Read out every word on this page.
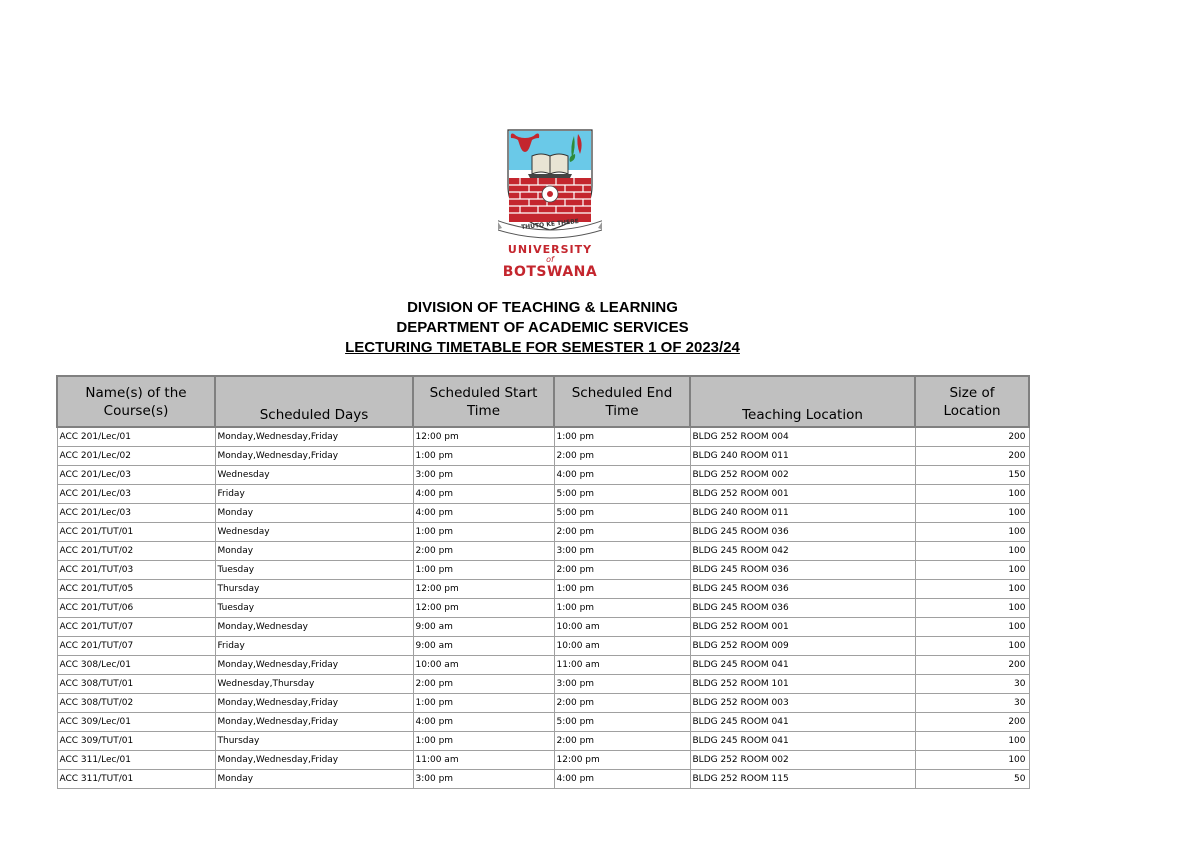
THUTO KE THEBE
UNIVERSITY
of
BOTSWANA
DIVISION OF TEACHING & LEARNING
DEPARTMENT OF ACADEMIC SERVICES
LECTURING TIMETABLE FOR SEMESTER 1 OF 2023/24
Name(s) of the Course(s)	Scheduled Days	Scheduled Start Time	Scheduled End Time	Teaching Location	Size of Location
ACC 201/Lec/01	Monday,Wednesday,Friday	12:00 pm	1:00 pm	BLDG 252 ROOM 004	200
ACC 201/Lec/02	Monday,Wednesday,Friday	1:00 pm	2:00 pm	BLDG 240 ROOM 011	200
ACC 201/Lec/03	Wednesday	3:00 pm	4:00 pm	BLDG 252 ROOM 002	150
ACC 201/Lec/03	Friday	4:00 pm	5:00 pm	BLDG 252 ROOM 001	100
ACC 201/Lec/03	Monday	4:00 pm	5:00 pm	BLDG 240 ROOM 011	100
ACC 201/TUT/01	Wednesday	1:00 pm	2:00 pm	BLDG 245 ROOM 036	100
ACC 201/TUT/02	Monday	2:00 pm	3:00 pm	BLDG 245 ROOM 042	100
ACC 201/TUT/03	Tuesday	1:00 pm	2:00 pm	BLDG 245 ROOM 036	100
ACC 201/TUT/05	Thursday	12:00 pm	1:00 pm	BLDG 245 ROOM 036	100
ACC 201/TUT/06	Tuesday	12:00 pm	1:00 pm	BLDG 245 ROOM 036	100
ACC 201/TUT/07	Monday,Wednesday	9:00 am	10:00 am	BLDG 252 ROOM 001	100
ACC 201/TUT/07	Friday	9:00 am	10:00 am	BLDG 252 ROOM 009	100
ACC 308/Lec/01	Monday,Wednesday,Friday	10:00 am	11:00 am	BLDG 245 ROOM 041	200
ACC 308/TUT/01	Wednesday,Thursday	2:00 pm	3:00 pm	BLDG 252 ROOM 101	30
ACC 308/TUT/02	Monday,Wednesday,Friday	1:00 pm	2:00 pm	BLDG 252 ROOM 003	30
ACC 309/Lec/01	Monday,Wednesday,Friday	4:00 pm	5:00 pm	BLDG 245 ROOM 041	200
ACC 309/TUT/01	Thursday	1:00 pm	2:00 pm	BLDG 245 ROOM 041	100
ACC 311/Lec/01	Monday,Wednesday,Friday	11:00 am	12:00 pm	BLDG 252 ROOM 002	100
ACC 311/TUT/01	Monday	3:00 pm	4:00 pm	BLDG 252 ROOM 115	50
